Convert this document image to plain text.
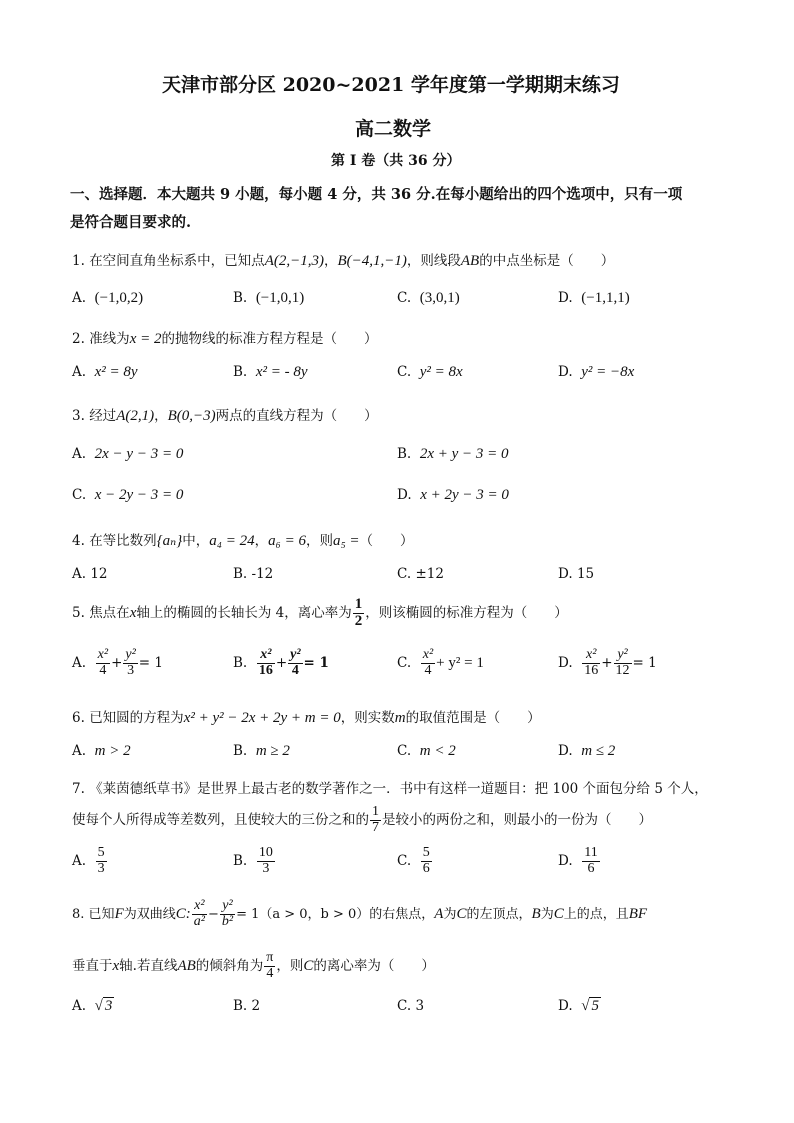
天津市部分区 2020~2021 学年度第一学期期末练习
高二数学
第 I 卷（共 36 分）
一、选择题．本大题共 9 小题，每小题 4 分，共 36 分.在每小题给出的四个选项中，只有一项
是符合题目要求的.
1. 在空间直角坐标系中，已知点A(2,−1,3)，B(−4,1,−1)，则线段AB的中点坐标是（　　）
A. (−1,0,2)	B. (−1,0,1)	C. (3,0,1)	D. (−1,1,1)
2. 准线为x = 2的抛物线的标准方程方程是（　　）
A. x² = 8y	B. x² = - 8y	C. y² = 8x	D. y² = −8x
3. 经过A(2,1)，B(0,−3)两点的直线方程为（　　）
A. 2x − y − 3 = 0	B. 2x + y − 3 = 0
C. x − 2y − 3 = 0	D. x + 2y − 3 = 0
4. 在等比数列{aₙ}中，a₄ = 24，a₆ = 6，则a₅ =（　　）
A. 12	B. -12	C. ±12	D. 15
5. 焦点在x轴上的椭圆的长轴长为 4，离心率为 $\frac{1}{2}$ ，则该椭圆的标准方程为（　　）
A. $\frac{\text{x²}}{4} + \frac{\text{y²}}{3} = 1$	B. $\frac{\text{x²}}{16} + \frac{\text{y²}}{4} = 1$	C. $\frac{\text{x²}}{4} + y^2 = 1$	D. $\frac{\text{x²}}{16} + \frac{\text{y²}}{12} = 1$
6. 已知圆的方程为x² + y² − 2x + 2y + m = 0，则实数m的取值范围是（　　）
A. m > 2	B. m ≥ 2	C. m < 2	D. m ≤ 2
7. 《莱茵德纸草书》是世界上最古老的数学著作之一．书中有这样一道题目：把 100 个面包分给 5 个人，
使每个人所得成等差数列，且使较大的三份之和的 $\frac{1}{7}$ 是较小的两份之和，则最小的一份为（　　）
A. $\frac{5}{3}$	B. $\frac{10}{3}$	C. $\frac{5}{6}$	D. $\frac{11}{6}$
8. 已知F为双曲线C: $\frac{\text{x²}}{\text{a²}} - \frac{\text{y²}}{\text{b²}} = 1(a > 0$，b > 0）的右焦点，A为C的左顶点，B为C上的点，且BF
垂直于x轴.若直线AB的倾斜角为 $\frac{\pi}{4}$ ，则C的离心率为（　　）
A. √ 3	B. 2	C. 3	D. √ 5
